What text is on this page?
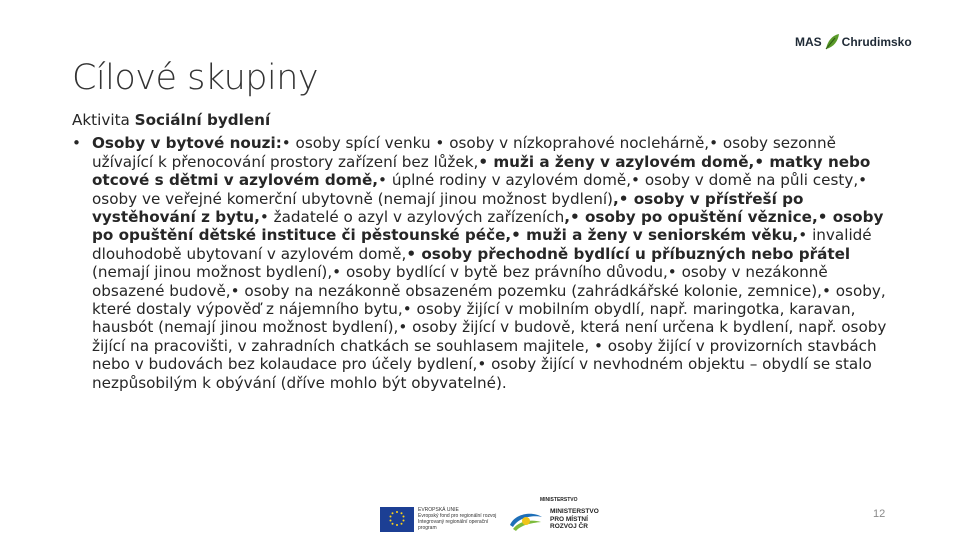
MAS Chrudimsko
Cílové skupiny

Aktivita Sociální bydlení

• Osoby v bytové nouzi:• osoby spící venku • osoby v nízkoprahové noclehárně,• osoby sezonně užívající k přenocování prostory zařízení bez lůžek,• muži a ženy v azylovém domě,• matky nebo otcové s dětmi v azylovém domě,• úplné rodiny v azylovém domě,• osoby v domě na půli cesty,• osoby ve veřejné komerční ubytovně (nemají jinou možnost bydlení),• osoby v přístřeší po vystěhování z bytu,• žadatelé o azyl v azylových zařízeních,• osoby po opuštění věznice,• osoby po opuštění dětské instituce či pěstounské péče,• muži a ženy v seniorském věku,• invalidé dlouhodobě ubytovaní v azylovém domě,• osoby přechodně bydlící u příbuzných nebo přátel (nemají jinou možnost bydlení),• osoby bydlící v bytě bez právního důvodu,• osoby v nezákonně obsazené budově,• osoby na nezákonně obsazeném pozemku (zahrádkářské kolonie, zemnice),• osoby, které dostaly výpověď z nájemního bytu,• osoby žijící v mobilním obydlí, např. maringotka, karavan, hausbót (nemají jinou možnost bydlení),• osoby žijící v budově, která není určena k bydlení, např. osoby žijící na pracovišti, v zahradních chatkách se souhlasem majitele, • osoby žijící v provizorních stavbách nebo v budovách bez kolaudace pro účely bydlení,• osoby žijící v nevhodném objektu – obydlí se stalo nezpůsobilým k obývání (dříve mohlo být obyvatelné).
EVROPSKÁ UNIE
Evropský fond pro regionální rozvoj
Integrovaný regionální operační program
MINISTERSTVO
MINISTERSTVO
PRO MÍSTNÍ
ROZVOJ ČR
12
